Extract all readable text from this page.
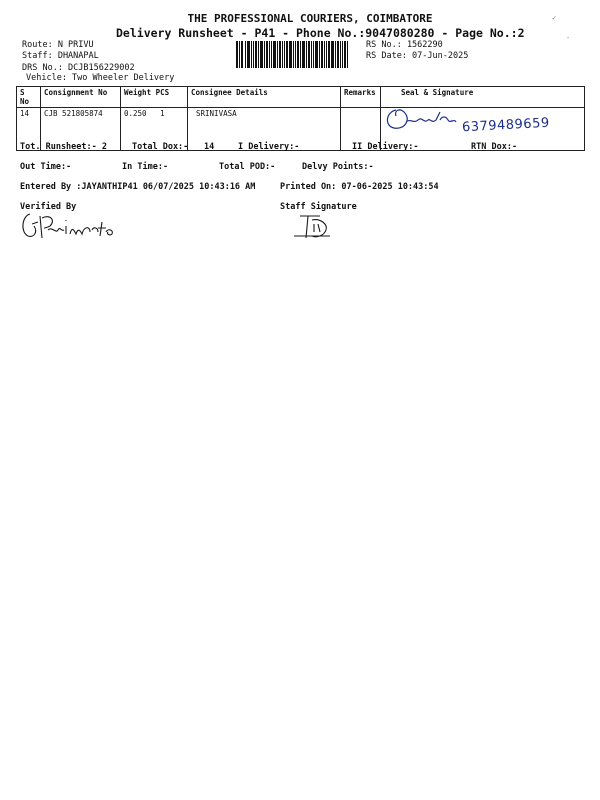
THE PROFESSIONAL COURIERS, COIMBATORE
Delivery Runsheet - P41 - Phone No.:9047080280 - Page No.:2
Route: N PRIVU
Staff: DHANAPAL
DRS No.: DCJB156229002
Vehicle: Two Wheeler Delivery
RS No.: 1562290
RS Date: 07-Jun-2025
✓
-
S No	Consignment No	Weight PCS	Consignee Details	Remarks	Seal & Signature
14	CJB 521805874	0.250 1	SRINIVASA		
6379489659
Tot. Runsheet:- 2	Total Dox:- 14	I Delivery:-	II Delivery:-	RTN Dox:-
Out Time:-	In Time:-	Total POD:-	Delvy Points:-
Entered By :JAYANTHIP41 06/07/2025 10:43:16 AM	Printed On: 07-06-2025 10:43:54
Verified By	Staff Signature
